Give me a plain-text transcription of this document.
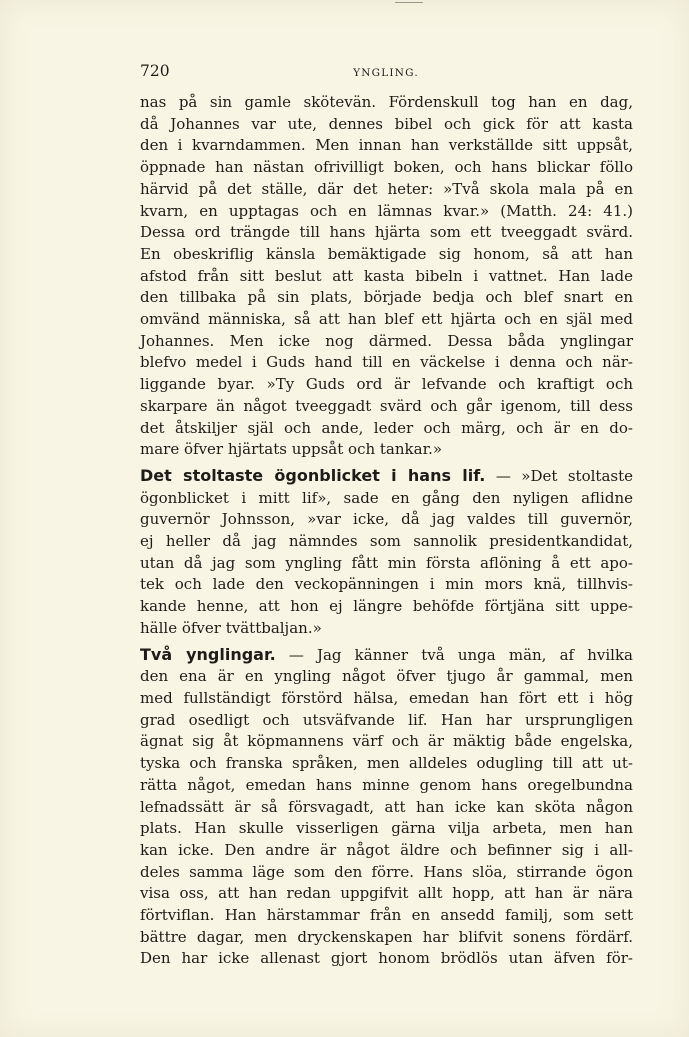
720	YNGLING.

nas på sin gamle skötevän. Fördenskull tog han en dag,

då Johannes var ute, dennes bibel och gick för att kasta

den i kvarndammen. Men innan han verkställde sitt uppsåt,

öppnade han nästan ofrivilligt boken, och hans blickar föllo

härvid på det ställe, där det heter: »Två skola mala på en

kvarn, en upptagas och en lämnas kvar.» (Matth. 24: 41.)

Dessa ord trängde till hans hjärta som ett tveeggadt svärd.

En obeskriflig känsla bemäktigade sig honom, så att han

afstod från sitt beslut att kasta bibeln i vattnet. Han lade

den tillbaka på sin plats, började bedja och blef snart en

omvänd människa, så att han blef ett hjärta och en själ med

Johannes. Men icke nog därmed. Dessa båda ynglingar

blefvo medel i Guds hand till en väckelse i denna och när-

liggande byar. »Ty Guds ord är lefvande och kraftigt och

skarpare än något tveeggadt svärd och går igenom, till dess

det åtskiljer själ och ande, leder och märg, och är en do-

mare öfver hjärtats uppsåt och tankar.»

Det stoltaste ögonblicket i hans lif. — »Det stoltaste

ögonblicket i mitt lif», sade en gång den nyligen aflidne

guvernör Johnsson, »var icke, då jag valdes till guvernör,

ej heller då jag nämndes som sannolik presidentkandidat,

utan då jag som yngling fått min första aflöning å ett apo-

tek och lade den veckopänningen i min mors knä, tillhvis-

kande henne, att hon ej längre behöfde förtjäna sitt uppe-

hälle öfver tvättbaljan.»

Två ynglingar. — Jag känner två unga män, af hvilka

den ena är en yngling något öfver tjugo år gammal, men

med fullständigt förstörd hälsa, emedan han fört ett i hög

grad osedligt och utsväfvande lif. Han har ursprungligen

ägnat sig åt köpmannens värf och är mäktig både engelska,

tyska och franska språken, men alldeles odugling till att ut-

rätta något, emedan hans minne genom hans oregelbundna

lefnadssätt är så försvagadt, att han icke kan sköta någon

plats. Han skulle visserligen gärna vilja arbeta, men han

kan icke. Den andre är något äldre och befinner sig i all-

deles samma läge som den förre. Hans slöa, stirrande ögon

visa oss, att han redan uppgifvit allt hopp, att han är nära

förtviflan. Han härstammar från en ansedd familj, som sett

bättre dagar, men dryckenskapen har blifvit sonens fördärf.

Den har icke allenast gjort honom brödlös utan äfven för-
